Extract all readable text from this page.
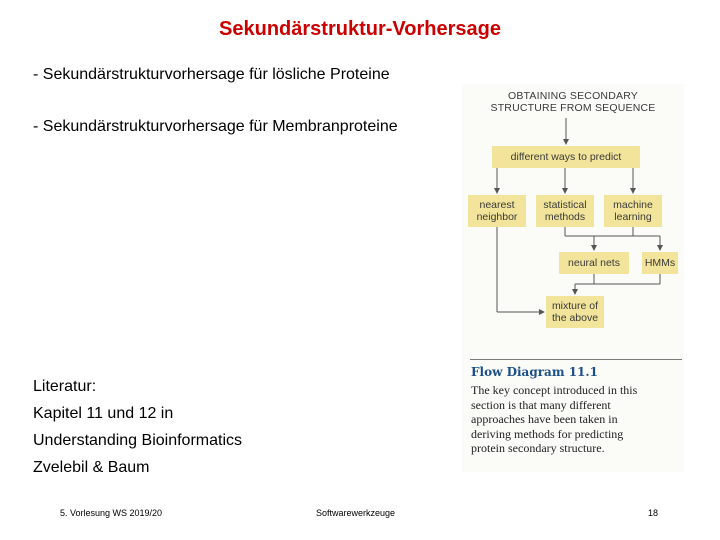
Sekundärstruktur-Vorhersage
- Sekundärstrukturvorhersage für lösliche Proteine
- Sekundärstrukturvorhersage für Membranproteine
Literatur:
Kapitel 11 und 12 in
Understanding Bioinformatics
Zvelebil & Baum
OBTAINING SECONDARY
STRUCTURE FROM SEQUENCE
different ways to predict
nearest
neighbor
statistical
methods
machine
learning
neural nets	HMMs
mixture of
the above
Flow Diagram 11.1
The key concept introduced in this
section is that many different
approaches have been taken in
deriving methods for predicting
protein secondary structure.
5. Vorlesung WS 2019/20	Softwarewerkzeuge	18
